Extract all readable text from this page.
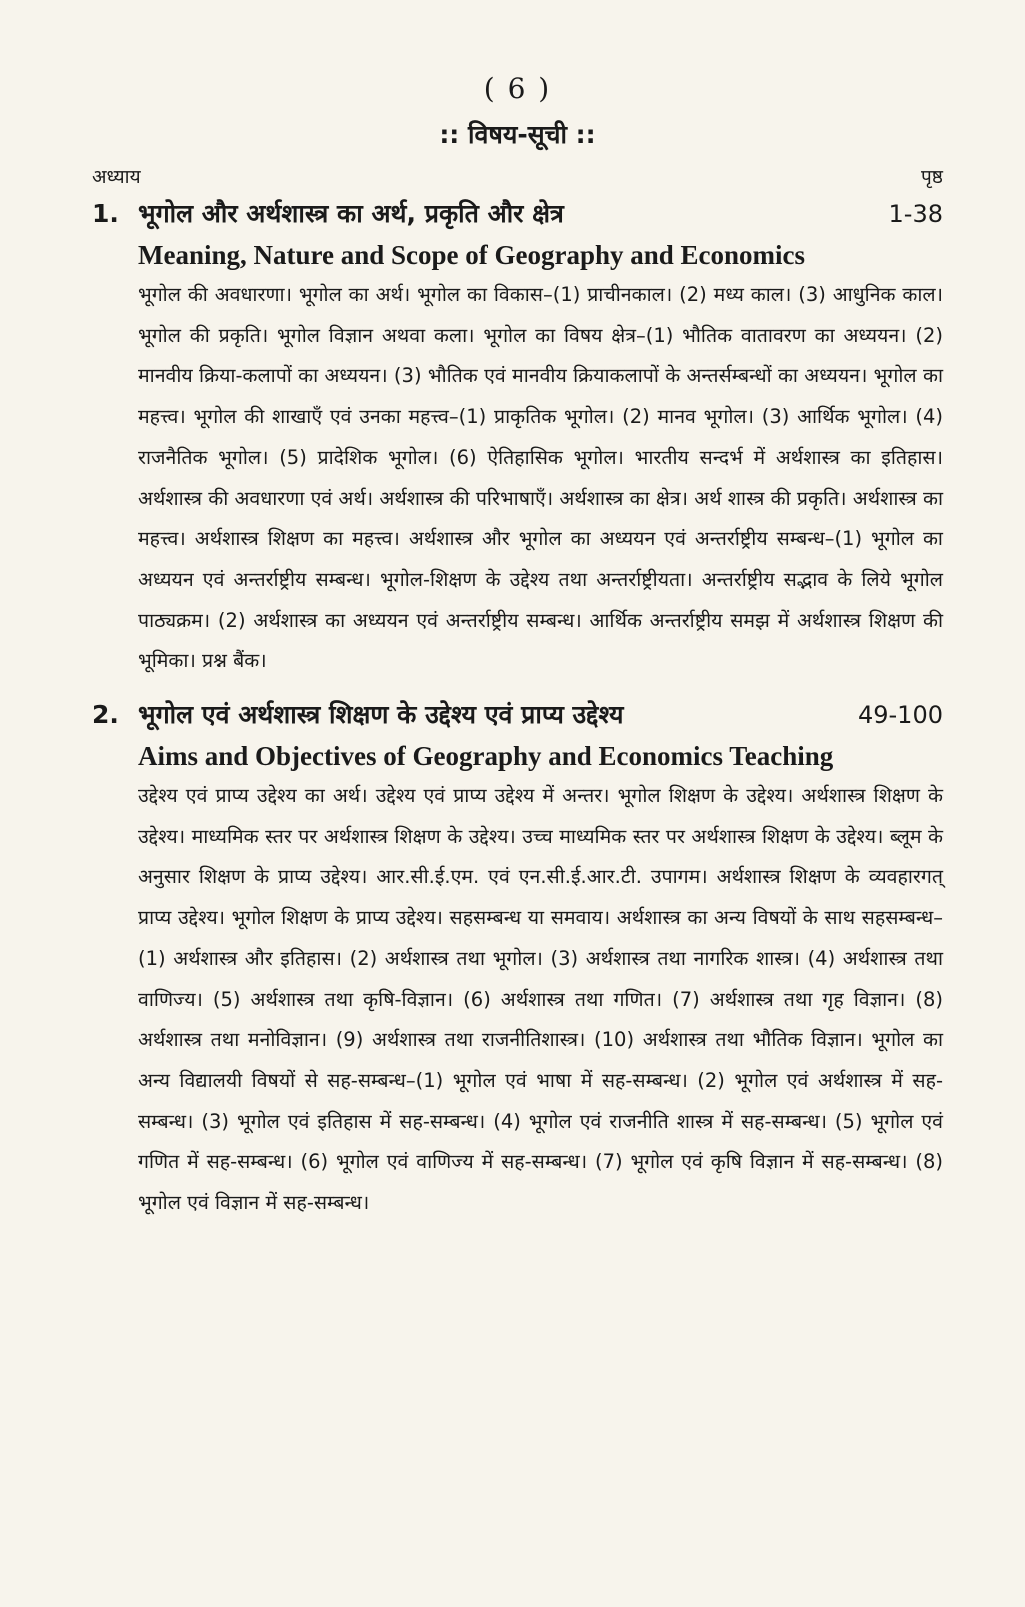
( 6 )
:: विषय-सूची ::
अध्याय	पृष्ठ
1. भूगोल और अर्थशास्त्र का अर्थ, प्रकृति और क्षेत्र	1-38
Meaning, Nature and Scope of Geography and Economics
भूगोल की अवधारणा। भूगोल का अर्थ। भूगोल का विकास–(1) प्राचीनकाल। (2) मध्य काल। (3) आधुनिक काल। भूगोल की प्रकृति। भूगोल विज्ञान अथवा कला। भूगोल का विषय क्षेत्र–(1) भौतिक वातावरण का अध्ययन। (2) मानवीय क्रिया-कलापों का अध्ययन। (3) भौतिक एवं मानवीय क्रियाकलापों के अन्तर्सम्बन्धों का अध्ययन। भूगोल का महत्त्व। भूगोल की शाखाएँ एवं उनका महत्त्व–(1) प्राकृतिक भूगोल। (2) मानव भूगोल। (3) आर्थिक भूगोल। (4) राजनैतिक भूगोल। (5) प्रादेशिक भूगोल। (6) ऐतिहासिक भूगोल। भारतीय सन्दर्भ में अर्थशास्त्र का इतिहास। अर्थशास्त्र की अवधारणा एवं अर्थ। अर्थशास्त्र की परिभाषाएँ। अर्थशास्त्र का क्षेत्र। अर्थ शास्त्र की प्रकृति। अर्थशास्त्र का महत्त्व। अर्थशास्त्र शिक्षण का महत्त्व। अर्थशास्त्र और भूगोल का अध्ययन एवं अन्तर्राष्ट्रीय सम्बन्ध–(1) भूगोल का अध्ययन एवं अन्तर्राष्ट्रीय सम्बन्ध। भूगोल-शिक्षण के उद्देश्य तथा अन्तर्राष्ट्रीयता। अन्तर्राष्ट्रीय सद्भाव के लिये भूगोल पाठ्यक्रम। (2) अर्थशास्त्र का अध्ययन एवं अन्तर्राष्ट्रीय सम्बन्ध। आर्थिक अन्तर्राष्ट्रीय समझ में अर्थशास्त्र शिक्षण की भूमिका। प्रश्न बैंक।
2. भूगोल एवं अर्थशास्त्र शिक्षण के उद्देश्य एवं प्राप्य उद्देश्य	49-100
Aims and Objectives of Geography and Economics Teaching
उद्देश्य एवं प्राप्य उद्देश्य का अर्थ। उद्देश्य एवं प्राप्य उद्देश्य में अन्तर। भूगोल शिक्षण के उद्देश्य। अर्थशास्त्र शिक्षण के उद्देश्य। माध्यमिक स्तर पर अर्थशास्त्र शिक्षण के उद्देश्य। उच्च माध्यमिक स्तर पर अर्थशास्त्र शिक्षण के उद्देश्य। ब्लूम के अनुसार शिक्षण के प्राप्य उद्देश्य। आर.सी.ई.एम. एवं एन.सी.ई.आर.टी. उपागम। अर्थशास्त्र शिक्षण के व्यवहारगत् प्राप्य उद्देश्य। भूगोल शिक्षण के प्राप्य उद्देश्य। सहसम्बन्ध या समवाय। अर्थशास्त्र का अन्य विषयों के साथ सहसम्बन्ध–(1) अर्थशास्त्र और इतिहास। (2) अर्थशास्त्र तथा भूगोल। (3) अर्थशास्त्र तथा नागरिक शास्त्र। (4) अर्थशास्त्र तथा वाणिज्य। (5) अर्थशास्त्र तथा कृषि-विज्ञान। (6) अर्थशास्त्र तथा गणित। (7) अर्थशास्त्र तथा गृह विज्ञान। (8) अर्थशास्त्र तथा मनोविज्ञान। (9) अर्थशास्त्र तथा राजनीतिशास्त्र। (10) अर्थशास्त्र तथा भौतिक विज्ञान। भूगोल का अन्य विद्यालयी विषयों से सह-सम्बन्ध–(1) भूगोल एवं भाषा में सह-सम्बन्ध। (2) भूगोल एवं अर्थशास्त्र में सह-सम्बन्ध। (3) भूगोल एवं इतिहास में सह-सम्बन्ध। (4) भूगोल एवं राजनीति शास्त्र में सह-सम्बन्ध। (5) भूगोल एवं गणित में सह-सम्बन्ध। (6) भूगोल एवं वाणिज्य में सह-सम्बन्ध। (7) भूगोल एवं कृषि विज्ञान में सह-सम्बन्ध। (8) भूगोल एवं विज्ञान में सह-सम्बन्ध।
